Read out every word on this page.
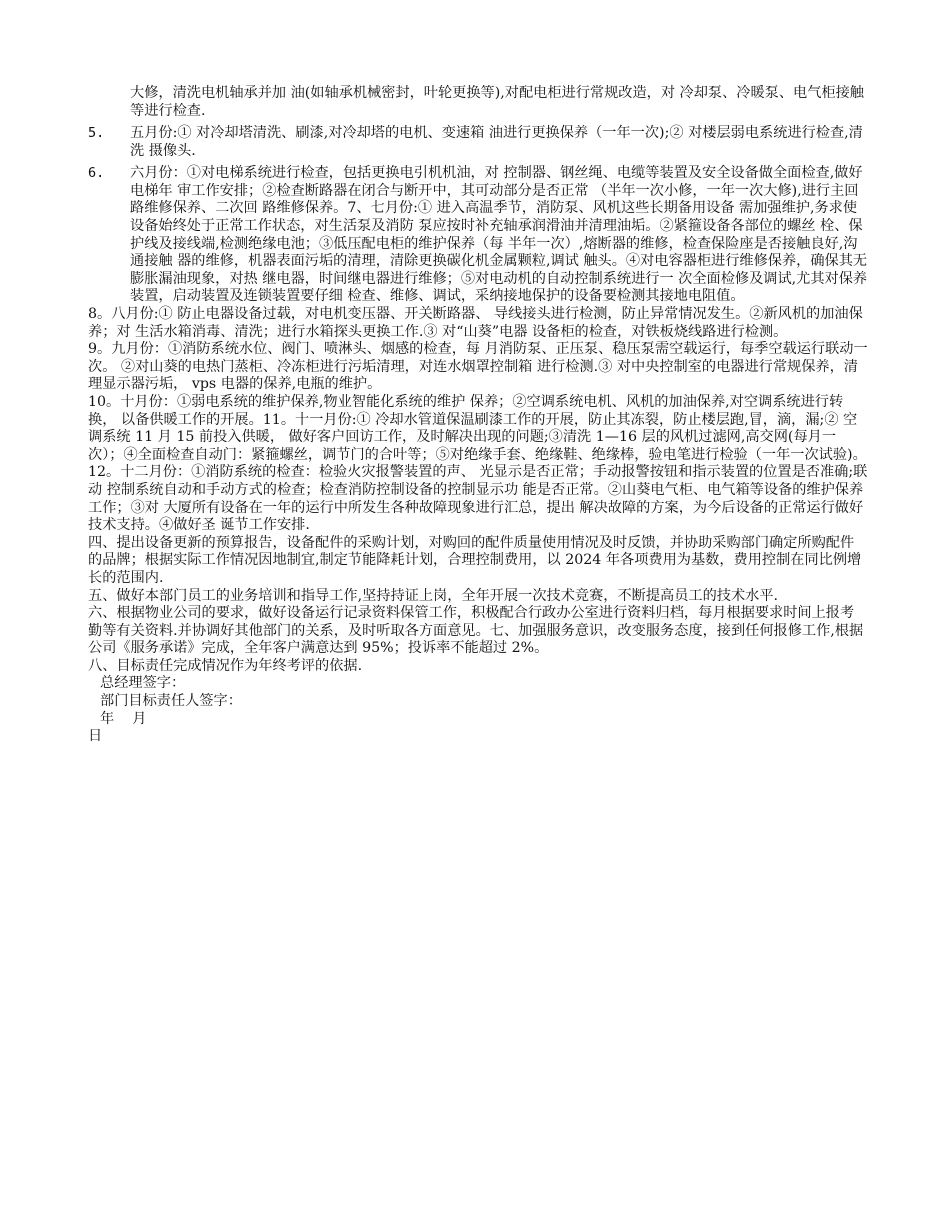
大修，清洗电机轴承并加 油(如轴承机械密封，叶轮更换等),对配电柜进行常规改造，对 冷却泵、冷暖泵、电气柜接触等进行检查.
5.	五月份:① 对冷却塔清洗、刷漆,对冷却塔的电机、变速箱 油进行更换保养（一年一次);② 对楼层弱电系统进行检查,清洗 摄像头.
6.	六月份：①对电梯系统进行检查，包括更换电引机机油，对 控制器、钢丝绳、电缆等装置及安全设备做全面检查,做好电梯年 审工作安排；②检查断路器在闭合与断开中，其可动部分是否正常 （半年一次小修，一年一次大修),进行主回路维修保养、二次回 路维修保养。7、七月份:① 进入高温季节，消防泵、风机这些长期备用设备 需加强维护,务求使设备始终处于正常工作状态，对生活泵及消防 泵应按时补充轴承润滑油并清理油垢。②紧箍设备各部位的螺丝 栓、保护线及接线端,检测绝缘电池；③低压配电柜的维护保养（每 半年一次）,熔断器的维修，检查保险座是否接触良好,沟通接触 器的维修，机器表面污垢的清理，清除更换碳化机金属颗粒,调试 触头。④对电容器柜进行维修保养，确保其无膨胀漏油现象，对热 继电器，时间继电器进行维修；⑤对电动机的自动控制系统进行一 次全面检修及调试,尤其对保养装置，启动装置及连锁装置要仔细 检查、维修、调试，采纳接地保护的设备要检测其接地电阻值。

8。八月份:① 防止电器设备过载，对电机变压器、开关断路器、 导线接头进行检测，防止异常情况发生。②新风机的加油保养；对 生活水箱消毒、清洗；进行水箱探头更换工作.③ 对“山葵”电器 设备柜的检查，对铁板烧线路进行检测。

9。九月份：①消防系统水位、阀门、喷淋头、烟感的检查，每 月消防泵、正压泵、稳压泵需空载运行，每季空载运行联动一次。 ②对山葵的电热门蒸柜、冷冻柜进行污垢清理，对连水烟罩控制箱 进行检测.③ 对中央控制室的电器进行常规保养，清理显示器污垢， vps 电器的保养,电瓶的维护。

10。十月份：①弱电系统的维护保养,物业智能化系统的维护 保养；②空调系统电机、风机的加油保养,对空调系统进行转换， 以备供暖工作的开展。11。十一月份:① 冷却水管道保温刷漆工作的开展，防止其冻裂，防止楼层跑,冒，滴，漏;② 空调系统 11 月 15 前投入供暖， 做好客户回访工作，及时解决出现的问题;③清洗 1—16 层的风机过滤网,高交网(每月一次）；④全面检查自动门：紧箍螺丝，调节门的合叶等；⑤对绝缘手套、绝缘鞋、绝缘棒，验电笔进行检验（一年一次试验)。

12。十二月份：①消防系统的检查：检验火灾报警装置的声、 光显示是否正常；手动报警按钮和指示装置的位置是否准确;联动 控制系统自动和手动方式的检查；检查消防控制设备的控制显示功 能是否正常。②山葵电气柜、电气箱等设备的维护保养工作；③对 大厦所有设备在一年的运行中所发生各种故障现象进行汇总，提出 解决故障的方案，为今后设备的正常运行做好技术支持。④做好圣 诞节工作安排.

四、提出设备更新的预算报告，设备配件的采购计划，对购回的配件质量使用情况及时反馈，并协助采购部门确定所购配件的品牌；根据实际工作情况因地制宜,制定节能降耗计划，合理控制费用，以 2024 年各项费用为基数，费用控制在同比例增长的范围内.

五、做好本部门员工的业务培训和指导工作,坚持持证上岗，全年开展一次技术竞赛，不断提高员工的技术水平.

六、根据物业公司的要求，做好设备运行记录资料保管工作，积极配合行政办公室进行资料归档，每月根据要求时间上报考勤等有关资料.并协调好其他部门的关系，及时听取各方面意见。七、加强服务意识，改变服务态度，接到任何报修工作,根据公司《服务承诺》完成，全年客户满意达到 95%；投诉率不能超过 2%。

八、目标责任完成情况作为年终考评的依据.

总经理签字：

部门目标责任人签字：

年    月

日
